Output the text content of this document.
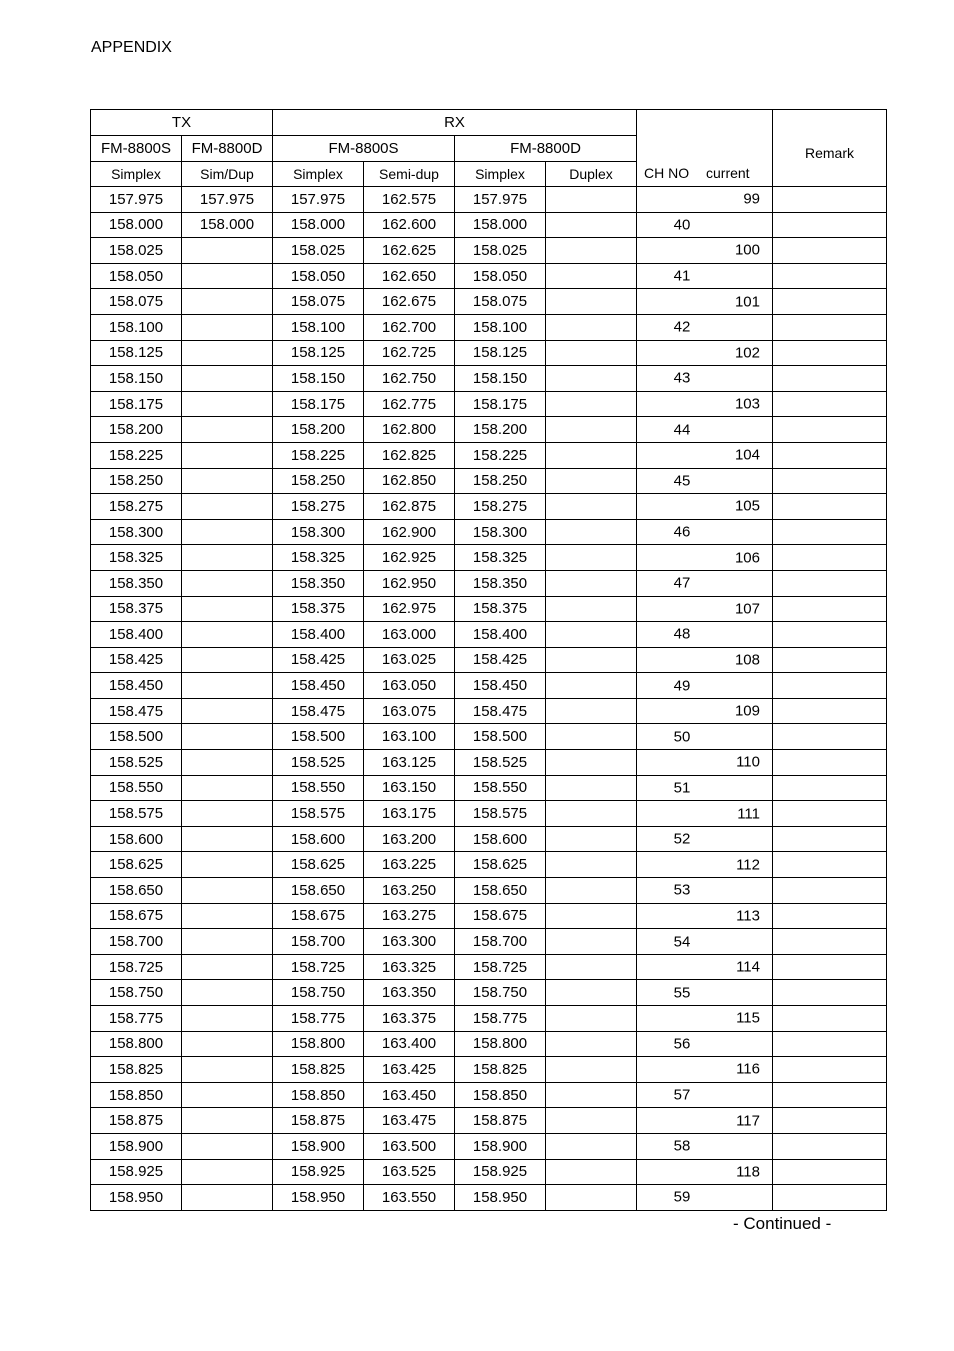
APPENDIX
TX		RX				CH NO current	Remark
FM-8800S	FM-8800D	FM-8800S		FM-8800D			
Simplex	Sim/Dup	Simplex	Semi-dup	Simplex	Duplex		
157.975	157.975	157.975	162.575	157.975		99	

158.000	158.000	158.000	162.600	158.000		40	

158.025		158.025	162.625	158.025		100	

158.050		158.050	162.650	158.050		41	

158.075		158.075	162.675	158.075		101	

158.100		158.100	162.700	158.100		42	

158.125		158.125	162.725	158.125		102	

158.150		158.150	162.750	158.150		43	

158.175		158.175	162.775	158.175		103	

158.200		158.200	162.800	158.200		44	

158.225		158.225	162.825	158.225		104	

158.250		158.250	162.850	158.250		45	

158.275		158.275	162.875	158.275		105	

158.300		158.300	162.900	158.300		46	

158.325		158.325	162.925	158.325		106	

158.350		158.350	162.950	158.350		47	

158.375		158.375	162.975	158.375		107	

158.400		158.400	163.000	158.400		48	

158.425		158.425	163.025	158.425		108	

158.450		158.450	163.050	158.450		49	

158.475		158.475	163.075	158.475		109	

158.500		158.500	163.100	158.500		50	

158.525		158.525	163.125	158.525		110	

158.550		158.550	163.150	158.550		51	

158.575		158.575	163.175	158.575		111	

158.600		158.600	163.200	158.600		52	

158.625		158.625	163.225	158.625		112	

158.650		158.650	163.250	158.650		53	

158.675		158.675	163.275	158.675		113	

158.700		158.700	163.300	158.700		54	

158.725		158.725	163.325	158.725		114	

158.750		158.750	163.350	158.750		55	

158.775		158.775	163.375	158.775		115	

158.800		158.800	163.400	158.800		56	

158.825		158.825	163.425	158.825		116	

158.850		158.850	163.450	158.850		57	

158.875		158.875	163.475	158.875		117	

158.900		158.900	163.500	158.900		58	

158.925		158.925	163.525	158.925		118	

158.950		158.950	163.550	158.950		59	

- Continued -
